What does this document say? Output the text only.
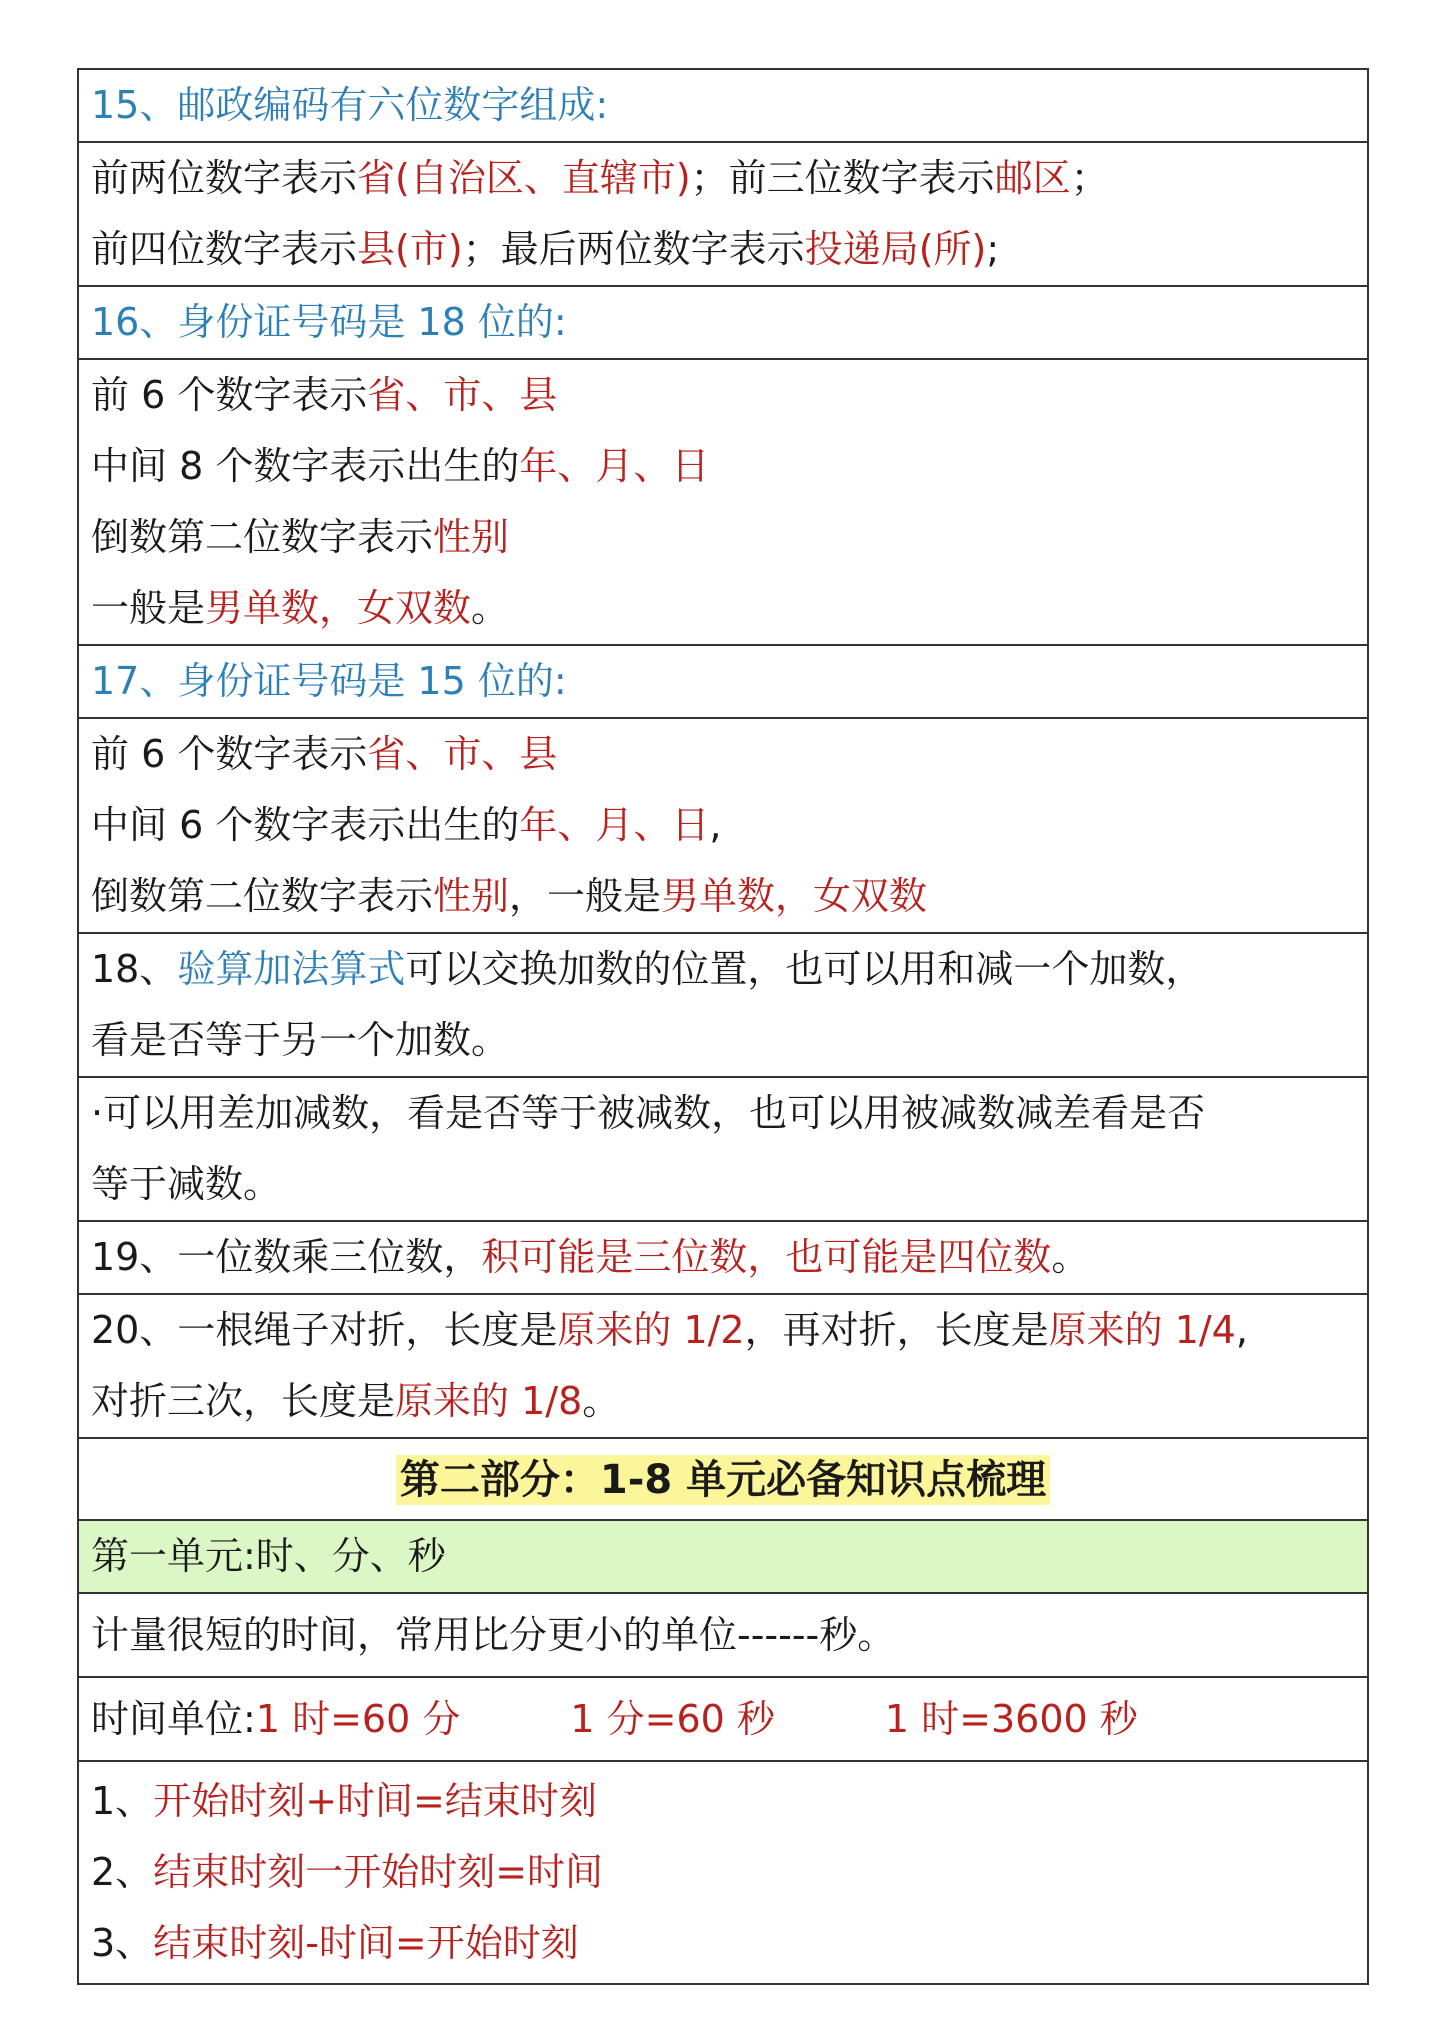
15、邮政编码有六位数字组成:
前两位数字表示省(自治区、直辖市)；前三位数字表示邮区；
前四位数字表示县(市)；最后两位数字表示投递局(所);
16、身份证号码是 18 位的:
前 6 个数字表示省、市、县
中间 8 个数字表示出生的年、月、日
倒数第二位数字表示性别
一般是男单数，女双数。
17、身份证号码是 15 位的:
前 6 个数字表示省、市、县
中间 6 个数字表示出生的年、月、日,
倒数第二位数字表示性别，一般是男单数，女双数
18、验算加法算式可以交换加数的位置，也可以用和减一个加数，
看是否等于另一个加数。
·可以用差加减数，看是否等于被减数，也可以用被减数减差看是否
等于减数。
19、一位数乘三位数，积可能是三位数，也可能是四位数。
20、一根绳子对折，长度是原来的 1/2，再对折，长度是原来的 1/4,
对折三次，长度是原来的 1/8。
第二部分：1-8 单元必备知识点梳理
第一单元:时、分、秒
计量很短的时间，常用比分更小的单位------秒。
时间单位:1 时=60 分	1 分=60 秒	1 时=3600 秒
1、开始时刻+时间=结束时刻
2、结束时刻一开始时刻=时间
3、结束时刻-时间=开始时刻
